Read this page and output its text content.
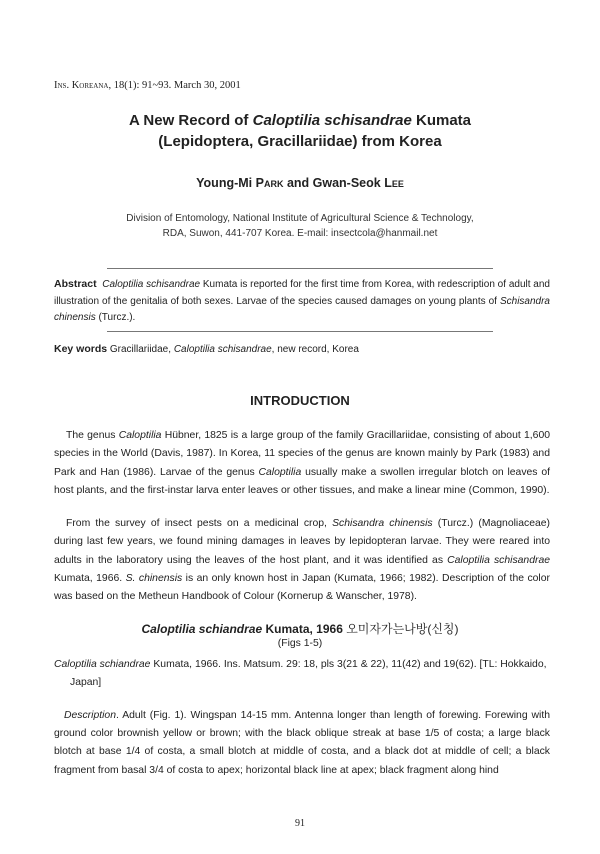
Ins. Koreana, 18(1): 91~93. March 30, 2001
A New Record of Caloptilia schisandrae Kumata
(Lepidoptera, Gracillariidae) from Korea
Young-Mi Park and Gwan-Seok Lee
Division of Entomology, National Institute of Agricultural Science & Technology,
RDA, Suwon, 441-707 Korea. E-mail: insectcola@hanmail.net
Abstract Caloptilia schisandrae Kumata is reported for the first time from Korea, with redescription of adult and illustration of the genitalia of both sexes. Larvae of the species caused damages on young plants of Schisandra chinensis (Turcz.).
Key words Gracillariidae, Caloptilia schisandrae, new record, Korea
INTRODUCTION
The genus Caloptilia Hübner, 1825 is a large group of the family Gracillariidae, consisting of about 1,600 species in the World (Davis, 1987). In Korea, 11 species of the genus are known mainly by Park (1983) and Park and Han (1986). Larvae of the genus Caloptilia usually make a swollen irregular blotch on leaves of host plants, and the first-instar larva enter leaves or other tissues, and make a linear mine (Common, 1990).
From the survey of insect pests on a medicinal crop, Schisandra chinensis (Turcz.) (Magnoliaceae) during last few years, we found mining damages in leaves by lepidopteran larvae. They were reared into adults in the laboratory using the leaves of the host plant, and it was identified as Caloptilia schisandrae Kumata, 1966. S. chinensis is an only known host in Japan (Kumata, 1966; 1982). Description of the color was based on the Metheun Handbook of Colour (Kornerup & Wanscher, 1978).
Caloptilia schiandrae Kumata, 1966 오미자가는나방(신칭)
(Figs 1-5)
Caloptilia schiandrae Kumata, 1966. Ins. Matsum. 29: 18, pls 3(21 & 22), 11(42) and 19(62). [TL: Hokkaido, Japan]
Description. Adult (Fig. 1). Wingspan 14-15 mm. Antenna longer than length of forewing. Forewing with ground color brownish yellow or brown; with the black oblique streak at base 1/5 of costa; a large black blotch at base 1/4 of costa, a small blotch at middle of costa, and a black dot at middle of cell; a black fragment from basal 3/4 of costa to apex; horizontal black line at apex; black fragment along hind
91
